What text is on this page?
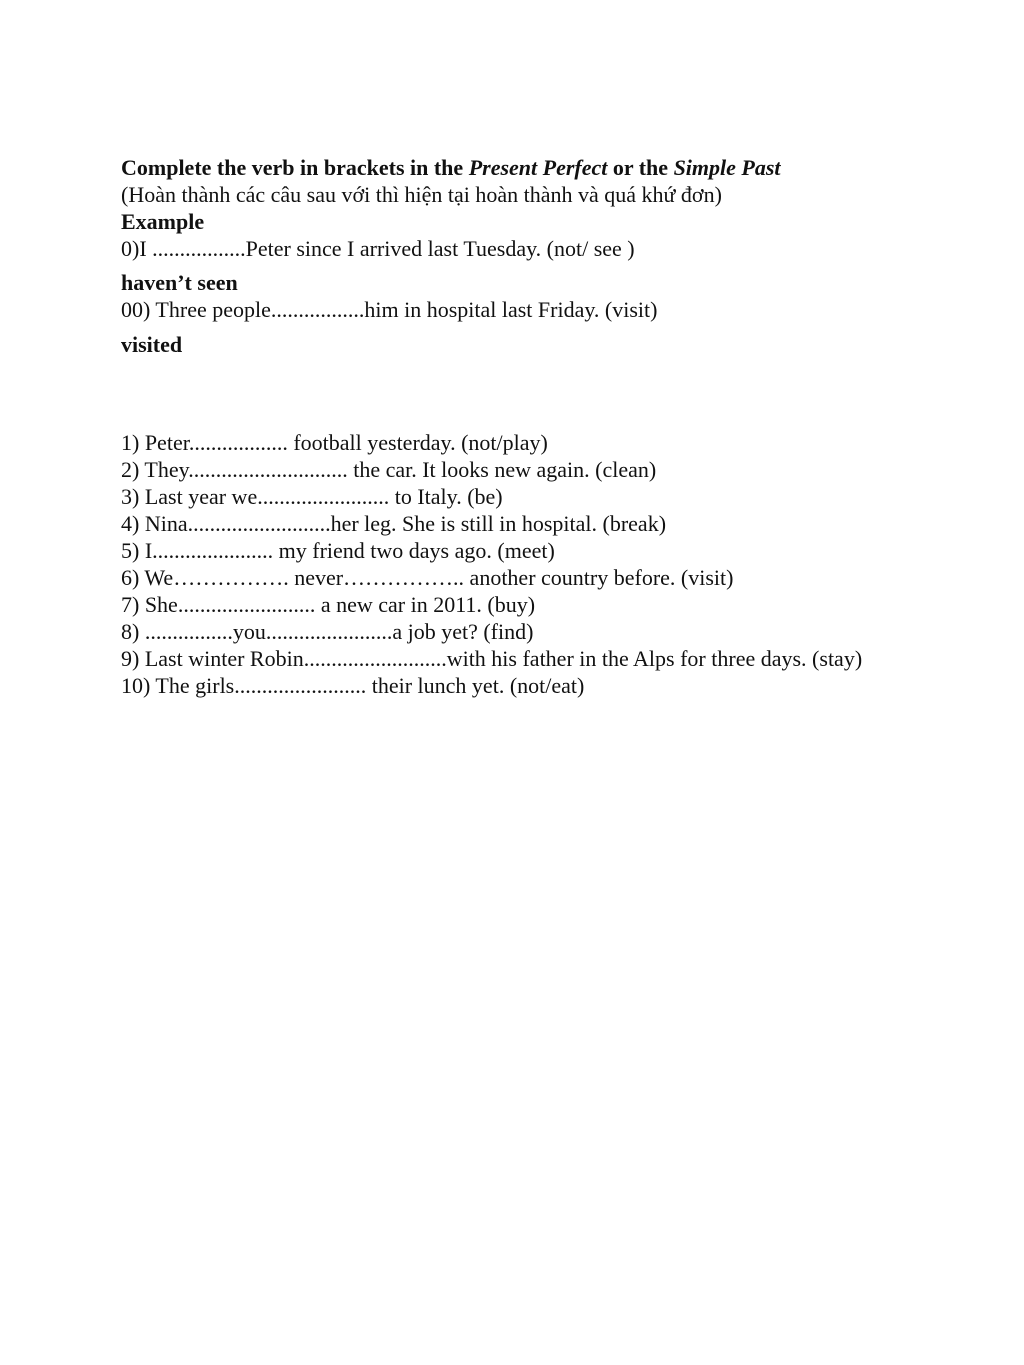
Complete the verb in brackets in the Present Perfect or the Simple Past
(Hoàn thành các câu sau với thì hiện tại hoàn thành và quá khứ đơn)
Example
0)I .................Peter since I arrived last Tuesday. (not/ see )
haven’t seen
00) Three people.................him in hospital last Friday. (visit)
visited
1) Peter.................. football yesterday. (not/play)
2) They............................. the car. It looks new again. (clean)
3) Last year we........................ to Italy. (be)
4) Nina..........................her leg. She is still in hospital. (break)
5) I...................... my friend two days ago. (meet)
6) We……………. never…………….. another country before. (visit)
7) She......................... a new car in 2011. (buy)
8) ................you.......................a job yet? (find)
9) Last winter Robin..........................with his father in the Alps for three days. (stay)
10) The girls........................ their lunch yet. (not/eat)
